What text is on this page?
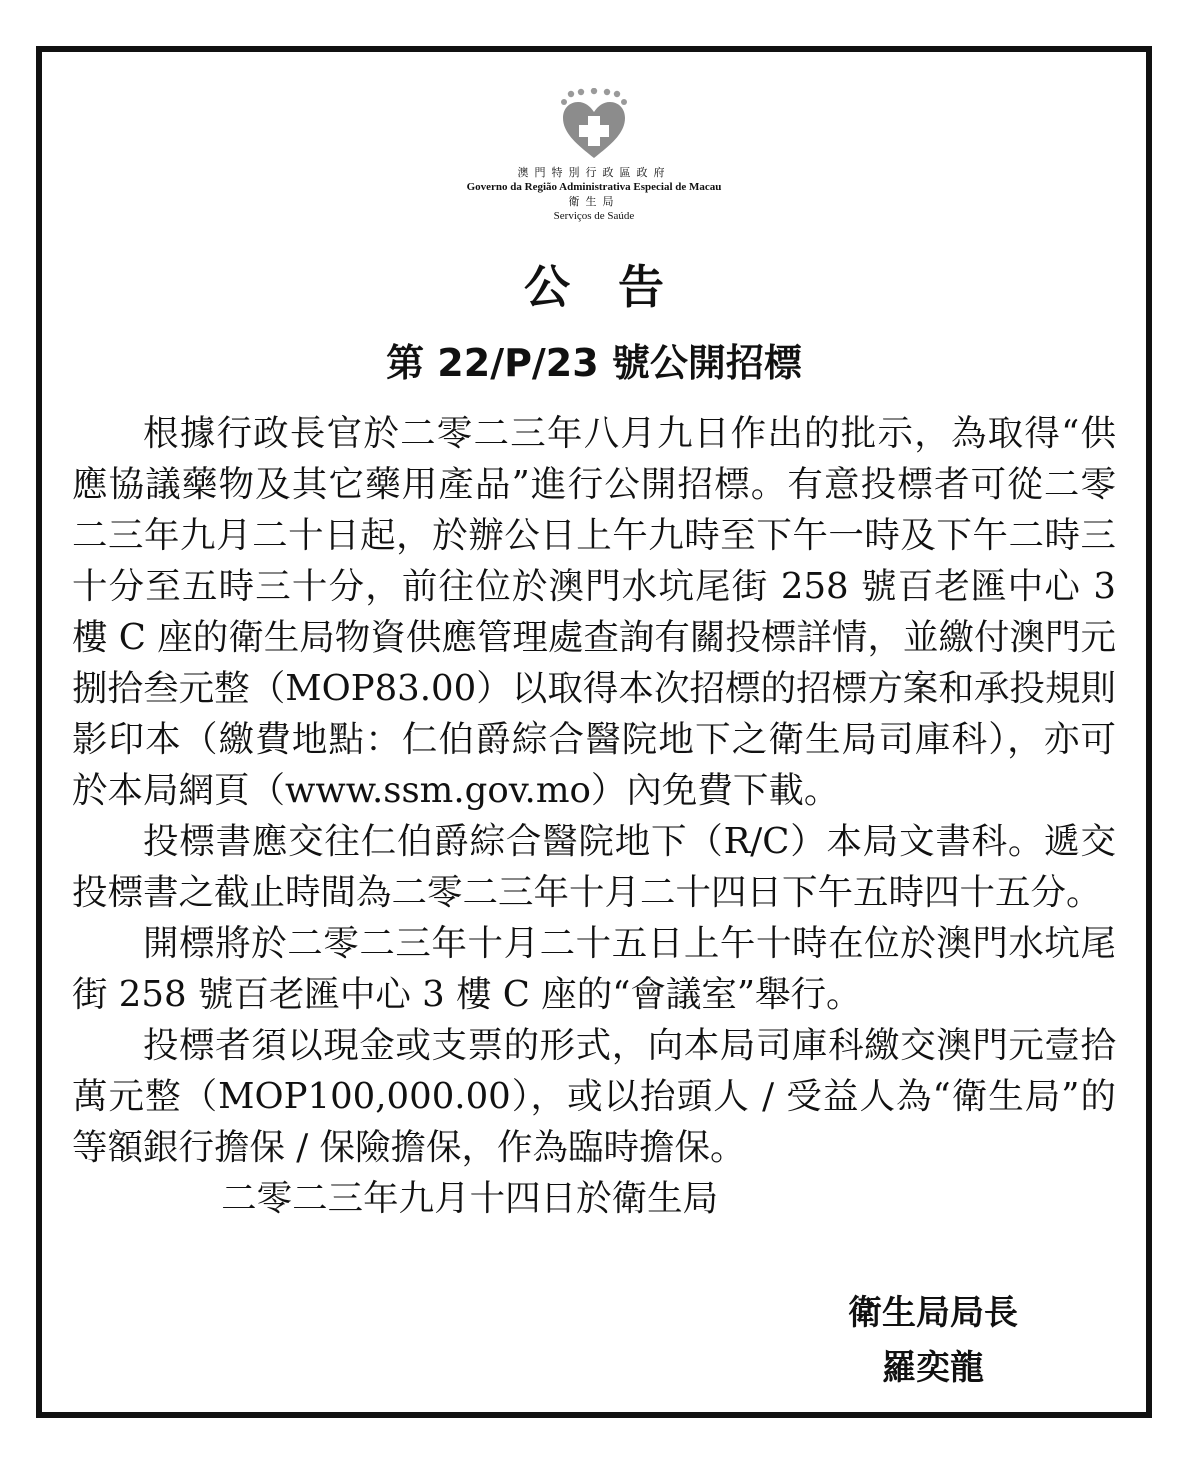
澳門特別行政區政府
Governo da Região Administrativa Especial de Macau
衛生局
Serviços de Saúde
公告
第 22/P/23 號公開招標

根據行政長官於二零二三年八月九日作出的批示，為取得“供應協議藥物及其它藥用產品”進行公開招標。有意投標者可從二零二三年九月二十日起，於辦公日上午九時至下午一時及下午二時三十分至五時三十分，前往位於澳門水坑尾街 258 號百老匯中心 3 樓 C 座的衛生局物資供應管理處查詢有關投標詳情，並繳付澳門元捌拾叁元整（MOP83.00）以取得本次招標的招標方案和承投規則影印本（繳費地點：仁伯爵綜合醫院地下之衛生局司庫科），亦可於本局網頁（www.ssm.gov.mo）內免費下載。

投標書應交往仁伯爵綜合醫院地下（R/C）本局文書科。遞交投標書之截止時間為二零二三年十月二十四日下午五時四十五分。

開標將於二零二三年十月二十五日上午十時在位於澳門水坑尾街 258 號百老匯中心 3 樓 C 座的“會議室”舉行。

投標者須以現金或支票的形式，向本局司庫科繳交澳門元壹拾萬元整（MOP100,000.00），或以抬頭人 / 受益人為“衛生局”的等額銀行擔保 / 保險擔保，作為臨時擔保。

二零二三年九月十四日於衛生局

衛生局局長
羅奕龍
